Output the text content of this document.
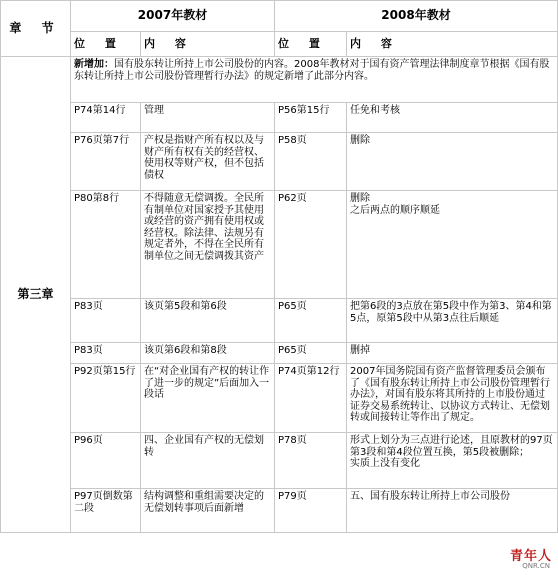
章 节	2007年教材		2008年教材	
	位 置	内 容	位 置	内 容
第三章	新增加：国有股东转让所持上市公司股份的内容。2008年教材对于国有资产管理法律制度章节根据《国有股东转让所持上市公司股份管理暂行办法》的规定新增了此部分内容。			
	P74第14行	管理	P56第15行	任免和考核
	P76页第7行	产权是指财产所有权以及与财产所有权有关的经营权、使用权等财产权，但不包括债权	P58页	删除
	P80第8行	不得随意无偿调拨。全民所有制单位对国家授予其使用或经营的资产拥有使用权或经营权。除法律、法规另有规定者外，不得在全民所有制单位之间无偿调拨其资产	P62页	删除
之后两点的顺序顺延
	P83页	该页第5段和第6段	P65页	把第6段的3点放在第5段中作为第3、第4和第5点，原第5段中从第3点往后顺延
	P83页	该页第6段和第8段	P65页	删掉
	P92页第15行	在“对企业国有产权的转让作了进一步的规定”后面加入一段话	P74页第12行	2007年国务院国有资产监督管理委员会颁布了《国有股东转让所持上市公司股份管理暂行办法》，对国有股东将其所持的上市股份通过证券交易系统转让、以协议方式转让、无偿划转或间接转让等作出了规定。
	P96页	四、企业国有产权的无偿划转	P78页	形式上划分为三点进行论述，且原教材的97页第3段和第4段位置互换，第5段被删除；
实质上没有变化
	P97页倒数第二段	结构调整和重组需要决定的无偿划转事项后面新增	P79页	五、国有股东转让所持上市公司股份
青年人
QNR.CN
